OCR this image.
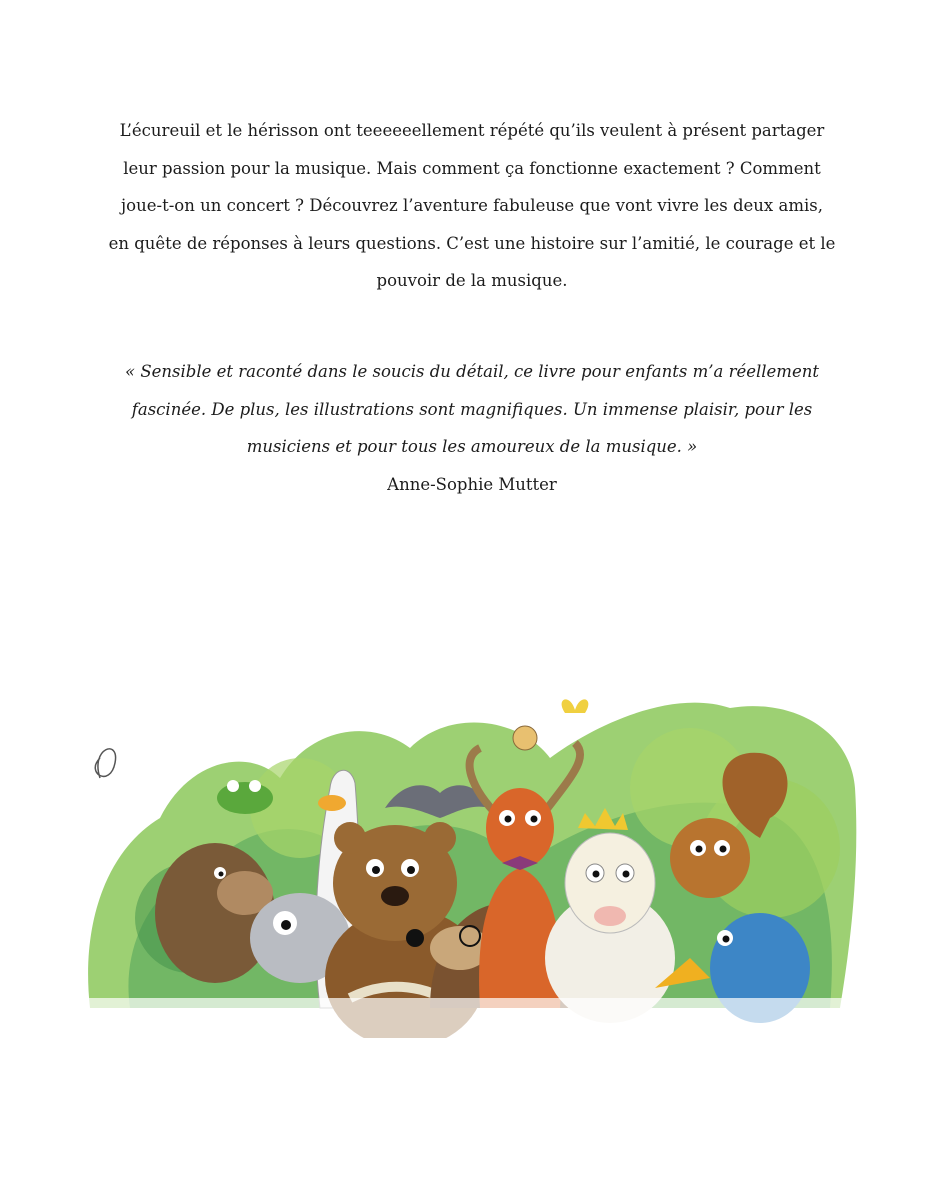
L’écureuil et le hérisson ont teeeeeellement répété qu’ils veulent à présent partager
leur passion pour la musique. Mais comment ça fonctionne exactement ? Comment
joue-t-on un concert ? Découvrez l’aventure fabuleuse que vont vivre les deux amis,
en quête de réponses à leurs questions. C’est une histoire sur l’amitié, le courage et le
pouvoir de la musique.
« Sensible et raconté dans le soucis du détail, ce livre pour enfants m’a réellement
fascinée. De plus, les illustrations sont magnifiques. Un immense plaisir, pour les
musiciens et pour tous les amoureux de la musique. »
Anne-Sophie Mutter
